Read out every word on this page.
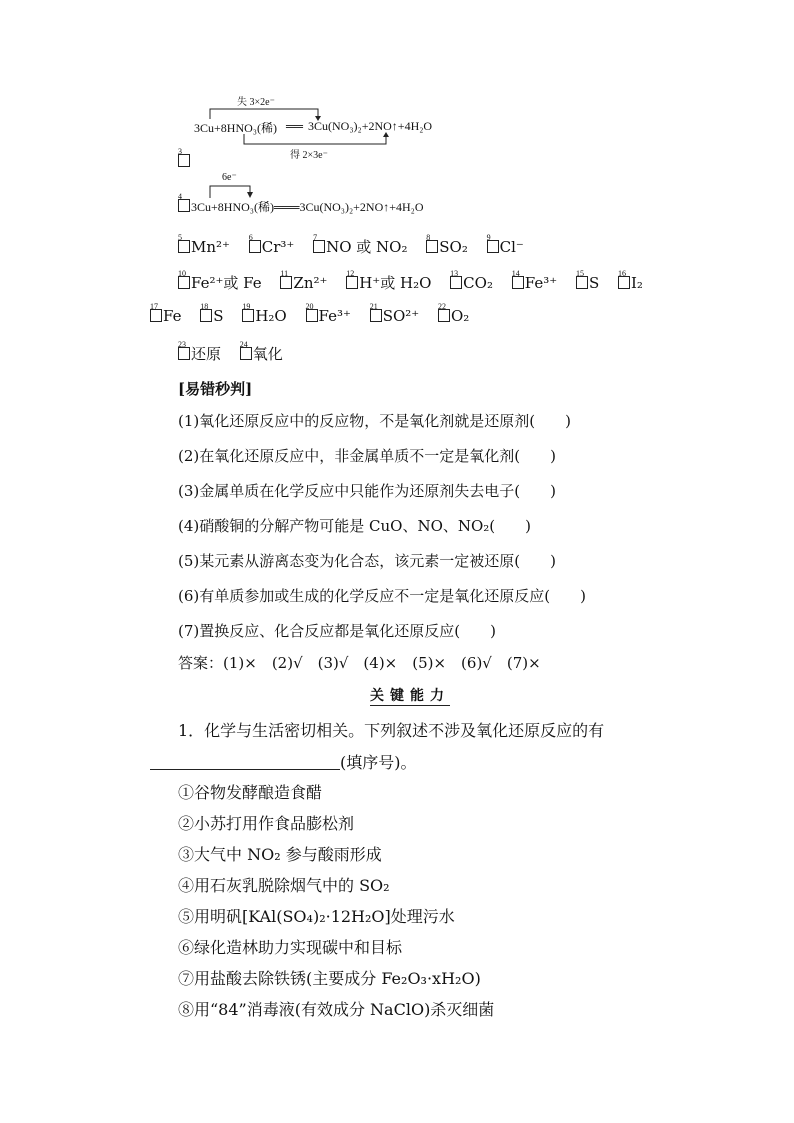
失 3×2e⁻
3Cu+8HNO₃(稀) ══ 3Cu(NO₃)₂+2NO↑+4H₂O
得 2×3e⁻
3
6e⁻
4
3Cu+8HNO₃(稀)═══3Cu(NO₃)₂+2NO↑+4H₂O
5
Mn²⁺
6
Cr³⁺
7
NO 或 NO₂
8
SO₂
9
Cl⁻
10
Fe²⁺或 Fe
11
Zn²⁺
12
H⁺或 H₂O
13
CO₂
14
Fe³⁺
15
S
16
I₂
17
Fe
18
S
19
H₂O
20
Fe³⁺
21
SO²⁺
22
O₂
23
还原
24
氧化
[易错秒判]
(1)氧化还原反应中的反应物，不是氧化剂就是还原剂(　　)
(2)在氧化还原反应中，非金属单质不一定是氧化剂(　　)
(3)金属单质在化学反应中只能作为还原剂失去电子(　　)
(4)硝酸铜的分解产物可能是 CuO、NO、NO₂(　　)
(5)某元素从游离态变为化合态，该元素一定被还原(　　)
(6)有单质参加或生成的化学反应不一定是氧化还原反应(　　)
(7)置换反应、化合反应都是氧化还原反应(　　)
答案：(1)×　(2)√　(3)√　(4)×　(5)×　(6)√　(7)×
关键能力
1．化学与生活密切相关。下列叙述不涉及氧化还原反应的有
(填序号)。
①谷物发酵酿造食醋
②小苏打用作食品膨松剂
③大气中 NO₂ 参与酸雨形成
④用石灰乳脱除烟气中的 SO₂
⑤用明矾[KAl(SO₄)₂·12H₂O]处理污水
⑥绿化造林助力实现碳中和目标
⑦用盐酸去除铁锈(主要成分 Fe₂O₃·xH₂O)
⑧用“84”消毒液(有效成分 NaClO)杀灭细菌
